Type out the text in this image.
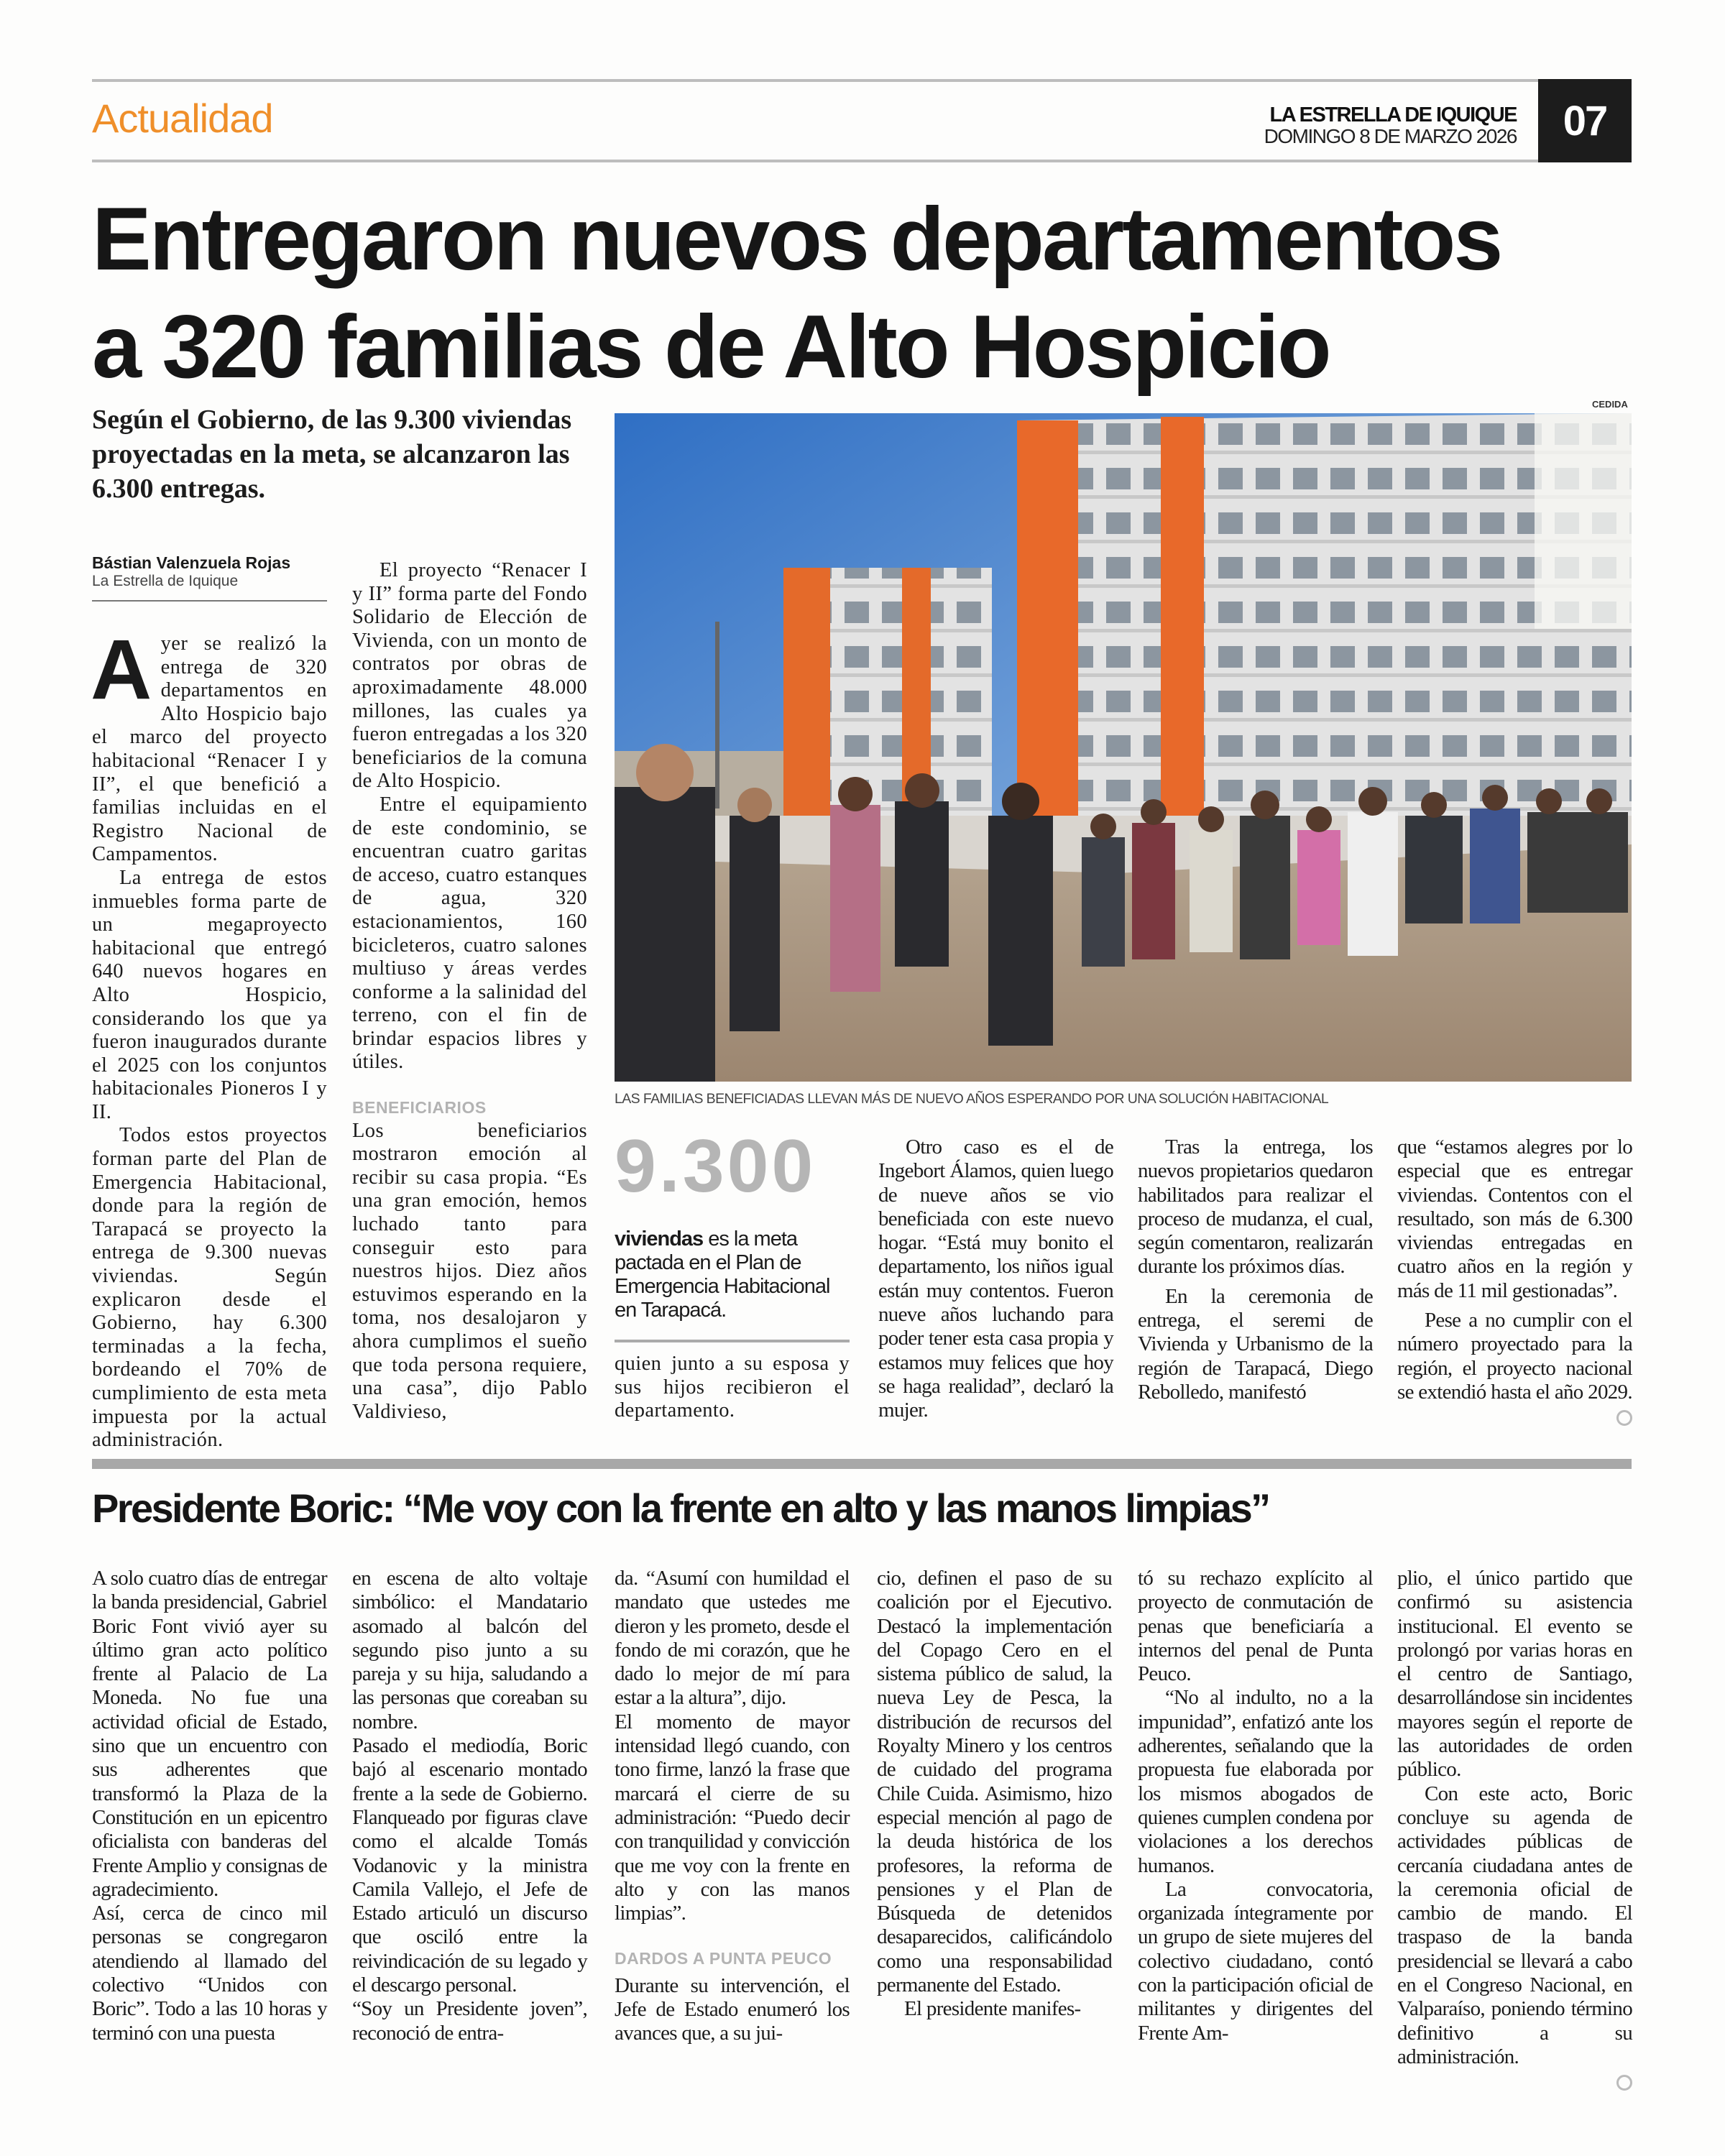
Actualidad	LA ESTRELLA DE IQUIQUE
DOMINGO 8 DE MARZO 2026	07
Entregaron nuevos departamentos
a 320 familias de Alto Hospicio

Según el Gobierno, de las 9.300 viviendas proyectadas en la meta, se alcanzaron las 6.300 entregas.

Bástian Valenzuela Rojas
La Estrella de Iquique

Ayer se realizó la entrega de 320 departamentos en Alto Hospicio bajo el marco del proyecto habitacional “Renacer I y II”, el que benefició a familias incluidas en el Registro Nacional de Campamentos.

La entrega de estos inmuebles forma parte de un megaproyecto habitacional que entregó 640 nuevos hogares en Alto Hospicio, considerando los que ya fueron inaugurados durante el 2025 con los conjuntos habitacionales Pioneros I y II.

Todos estos proyectos forman parte del Plan de Emergencia Habitacional, donde para la región de Tarapacá se proyecto la entrega de 9.300 nuevas viviendas. Según explicaron desde el Gobierno, hay 6.300 terminadas a la fecha, bordeando el 70% de cumplimiento de esta meta impuesta por la actual administración.

El proyecto “Renacer I y II” forma parte del Fondo Solidario de Elección de Vivienda, con un monto de contratos por obras de aproximadamente 48.000 millones, las cuales ya fueron entregadas a los 320 beneficiarios de la comuna de Alto Hospicio.

Entre el equipamiento de este condominio, se encuentran cuatro garitas de acceso, cuatro estanques de agua, 320 estacionamientos, 160 bicicleteros, cuatro salones multiuso y áreas verdes conforme a la salinidad del terreno, con el fin de brindar espacios libres y útiles.

BENEFICIARIOS

Los beneficiarios mostraron emoción al recibir su casa propia. “Es una gran emoción, hemos luchado tanto para conseguir esto para nuestros hijos. Diez años estuvimos esperando en la toma, nos desalojaron y ahora cumplimos el sueño que toda persona requiere, una casa”, dijo Pablo Valdivieso,

CEDIDA
LAS FAMILIAS BENEFICIADAS LLEVAN MÁS DE NUEVO AÑOS ESPERANDO POR UNA SOLUCIÓN HABITACIONAL
9.300
viviendas es la meta pactada en el Plan de Emergencia Habitacional en Tarapacá.

quien junto a su esposa y sus hijos recibieron el departamento.

Otro caso es el de Ingebort Álamos, quien luego de nueve años se vio beneficiada con este nuevo hogar. “Está muy bonito el departamento, los niños igual están muy contentos. Fueron nueve años luchando para poder tener esta casa propia y estamos muy felices que hoy se haga realidad”, declaró la mujer.

Tras la entrega, los nuevos propietarios quedaron habilitados para realizar el proceso de mudanza, el cual, según comentaron, realizarán durante los próximos días.

En la ceremonia de entrega, el seremi de Vivienda y Urbanismo de la región de Tarapacá, Diego Rebolledo, manifestó

que “estamos alegres por lo especial que es entregar viviendas. Contentos con el resultado, son más de 6.300 viviendas entregadas en cuatro años en la región y más de 11 mil gestionadas”.

Pese a no cumplir con el número proyectado para la región, el proyecto nacional se extendió hasta el año 2029.

Presidente Boric: “Me voy con la frente en alto y las manos limpias”

A solo cuatro días de entregar la banda presidencial, Gabriel Boric Font vivió ayer su último gran acto político frente al Palacio de La Moneda. No fue una actividad oficial de Estado, sino que un encuentro con sus adherentes que transformó la Plaza de la Constitución en un epicentro oficialista con banderas del Frente Amplio y consignas de agradecimiento.

Así, cerca de cinco mil personas se congregaron atendiendo al llamado del colectivo “Unidos con Boric”. Todo a las 10 horas y terminó con una puesta

en escena de alto voltaje simbólico: el Mandatario asomado al balcón del segundo piso junto a su pareja y su hija, saludando a las personas que coreaban su nombre.

Pasado el mediodía, Boric bajó al escenario montado frente a la sede de Gobierno. Flanqueado por figuras clave como el alcalde Tomás Vodanovic y la ministra Camila Vallejo, el Jefe de Estado articuló un discurso que osciló entre la reivindicación de su legado y el descargo personal.

“Soy un Presidente joven”, reconoció de entra-

da. “Asumí con humildad el mandato que ustedes me dieron y les prometo, desde el fondo de mi corazón, que he dado lo mejor de mí para estar a la altura”, dijo.

El momento de mayor intensidad llegó cuando, con tono firme, lanzó la frase que marcará el cierre de su administración: “Puedo decir con tranquilidad y convicción que me voy con la frente en alto y con las manos limpias”.

DARDOS A PUNTA PEUCO

Durante su intervención, el Jefe de Estado enumeró los avances que, a su jui-

cio, definen el paso de su coalición por el Ejecutivo. Destacó la implementación del Copago Cero en el sistema público de salud, la nueva Ley de Pesca, la distribución de recursos del Royalty Minero y los centros de cuidado del programa Chile Cuida. Asimismo, hizo especial mención al pago de la deuda histórica de los profesores, la reforma de pensiones y el Plan de Búsqueda de detenidos desaparecidos, calificándolo como una responsabilidad permanente del Estado.

El presidente manifes-

tó su rechazo explícito al proyecto de conmutación de penas que beneficiaría a internos del penal de Punta Peuco.

“No al indulto, no a la impunidad”, enfatizó ante los adherentes, señalando que la propuesta fue elaborada por los mismos abogados de quienes cumplen condena por violaciones a los derechos humanos.

La convocatoria, organizada íntegramente por un grupo de siete mujeres del colectivo ciudadano, contó con la participación oficial de militantes y dirigentes del Frente Am-

plio, el único partido que confirmó su asistencia institucional. El evento se prolongó por varias horas en el centro de Santiago, desarrollándose sin incidentes mayores según el reporte de las autoridades de orden público.

Con este acto, Boric concluye su agenda de actividades públicas de cercanía ciudadana antes de la ceremonia oficial de cambio de mando. El traspaso de la banda presidencial se llevará a cabo en el Congreso Nacional, en Valparaíso, poniendo término definitivo a su administración.
